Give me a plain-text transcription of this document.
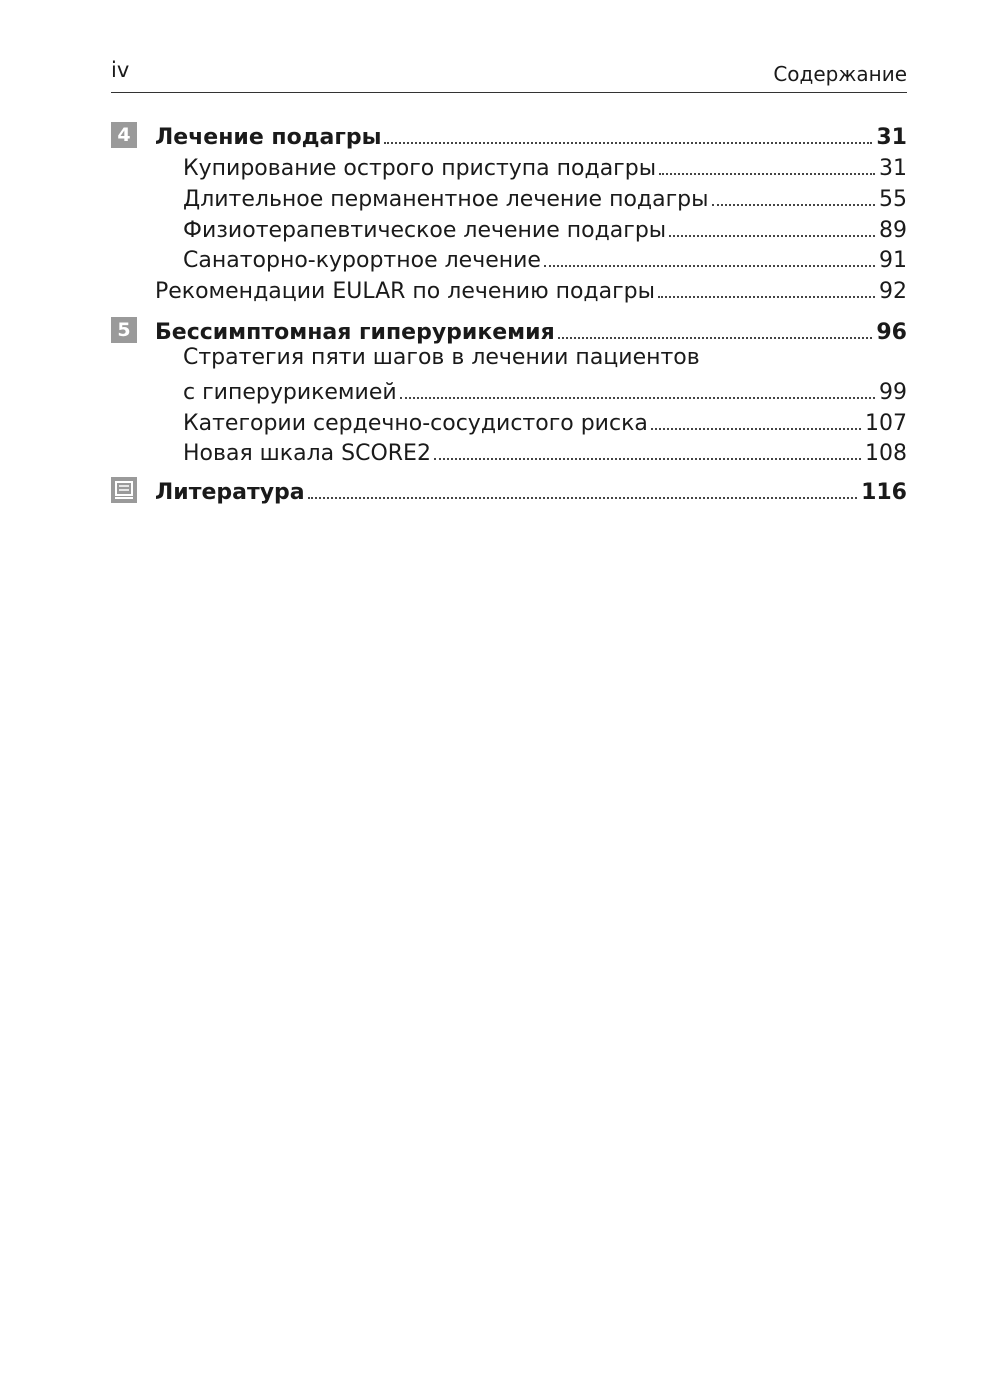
iv	Содержание
4 Лечение подагры	31
Купирование острого приступа подагры	31
Длительное перманентное лечение подагры	55
Физиотерапевтическое лечение подагры	89
Санаторно-курортное лечение	91
Рекомендации EULAR по лечению подагры	92
5 Бессимптомная гиперурикемия	96
Стратегия пяти шагов в лечении пациентов
с гиперурикемией	99
Категории сердечно-сосудистого риска	107
Новая шкала SCORE2	108
Литература	116
